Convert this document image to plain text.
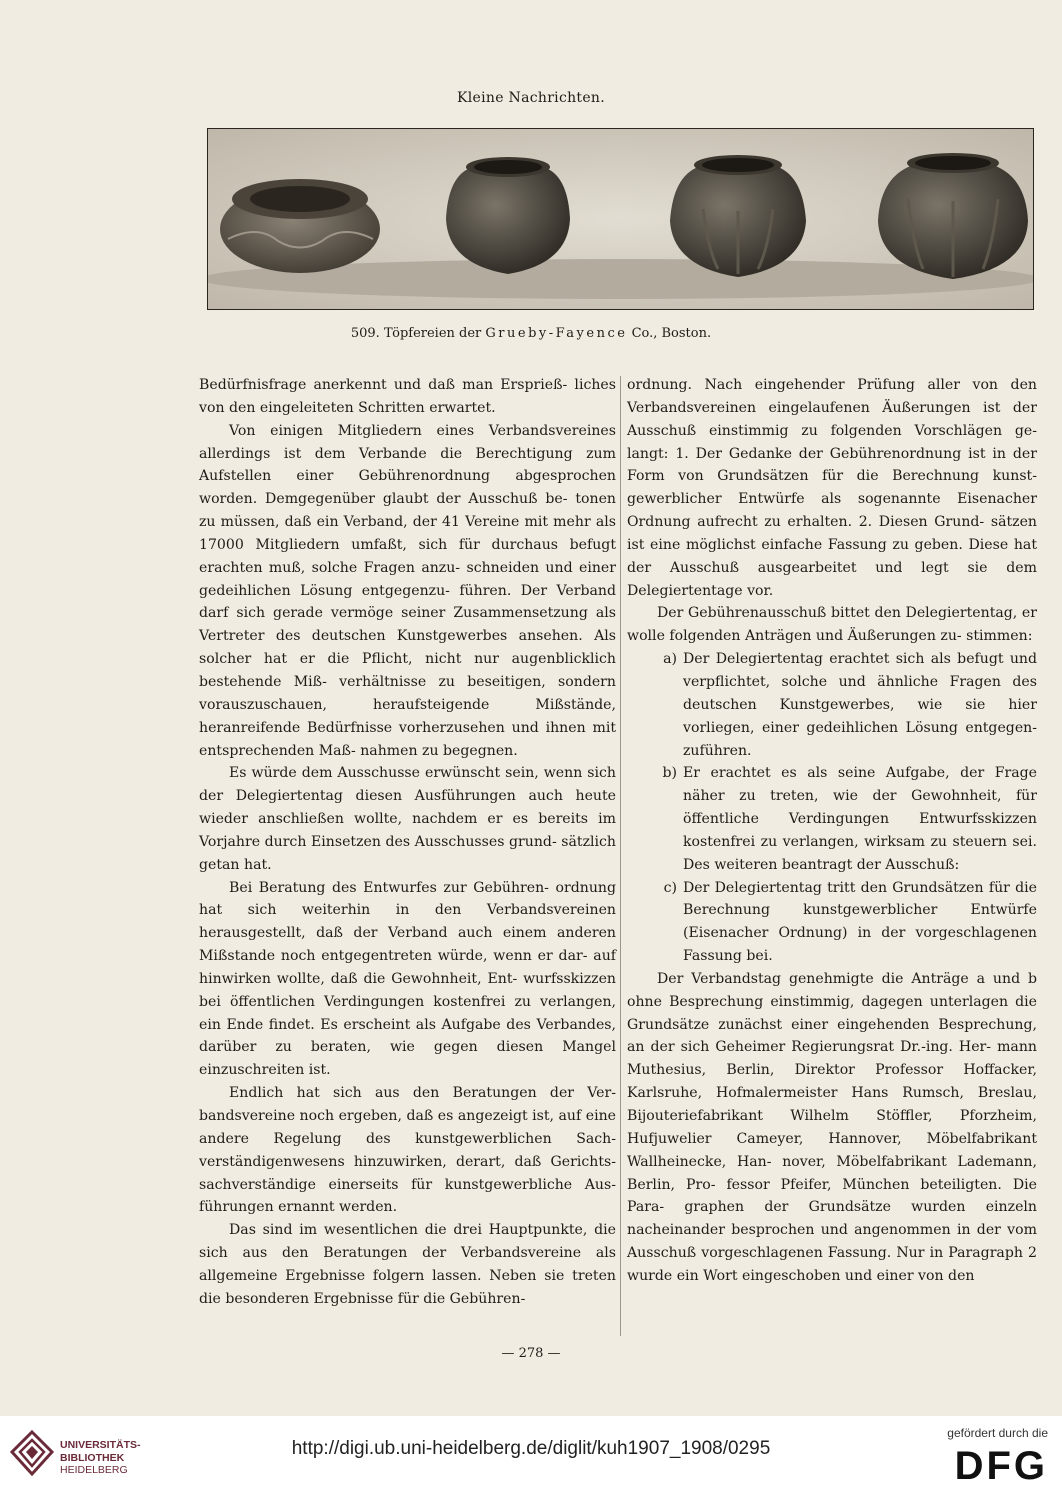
Kleine Nachrichten.
509. Töpfereien der Grueby-Fayence Co., Boston.

Bedürfnisfrage anerkennt und daß man Ersprieß- liches von den eingeleiteten Schritten erwartet.

Von einigen Mitgliedern eines Verbandsvereines allerdings ist dem Verbande die Berechtigung zum Aufstellen einer Gebührenordnung abgesprochen worden. Demgegenüber glaubt der Ausschuß be- tonen zu müssen, daß ein Verband, der 41 Vereine mit mehr als 17000 Mitgliedern umfaßt, sich für durchaus befugt erachten muß, solche Fragen anzu- schneiden und einer gedeihlichen Lösung entgegenzu- führen. Der Verband darf sich gerade vermöge seiner Zusammensetzung als Vertreter des deutschen Kunstgewerbes ansehen. Als solcher hat er die Pflicht, nicht nur augenblicklich bestehende Miß- verhältnisse zu beseitigen, sondern vorauszuschauen, heraufsteigende Mißstände, heranreifende Bedürfnisse vorherzusehen und ihnen mit entsprechenden Maß- nahmen zu begegnen.

Es würde dem Ausschusse erwünscht sein, wenn sich der Delegiertentag diesen Ausführungen auch heute wieder anschließen wollte, nachdem er es bereits im Vorjahre durch Einsetzen des Ausschusses grund- sätzlich getan hat.

Bei Beratung des Entwurfes zur Gebühren- ordnung hat sich weiterhin in den Verbandsvereinen herausgestellt, daß der Verband auch einem anderen Mißstande noch entgegentreten würde, wenn er dar- auf hinwirken wollte, daß die Gewohnheit, Ent- wurfsskizzen bei öffentlichen Verdingungen kostenfrei zu verlangen, ein Ende findet. Es erscheint als Aufgabe des Verbandes, darüber zu beraten, wie gegen diesen Mangel einzuschreiten ist.

Endlich hat sich aus den Beratungen der Ver- bandsvereine noch ergeben, daß es angezeigt ist, auf eine andere Regelung des kunstgewerblichen Sach- verständigenwesens hinzuwirken, derart, daß Gerichts- sachverständige einerseits für kunstgewerbliche Aus- führungen ernannt werden.

Das sind im wesentlichen die drei Hauptpunkte, die sich aus den Beratungen der Verbandsvereine als allgemeine Ergebnisse folgern lassen. Neben sie treten die besonderen Ergebnisse für die Gebühren-

ordnung. Nach eingehender Prüfung aller von den Verbandsvereinen eingelaufenen Äußerungen ist der Ausschuß einstimmig zu folgenden Vorschlägen ge- langt: 1. Der Gedanke der Gebührenordnung ist in der Form von Grundsätzen für die Berechnung kunst- gewerblicher Entwürfe als sogenannte Eisenacher Ordnung aufrecht zu erhalten. 2. Diesen Grund- sätzen ist eine möglichst einfache Fassung zu geben. Diese hat der Ausschuß ausgearbeitet und legt sie dem Delegiertentage vor.

Der Gebührenausschuß bittet den Delegiertentag, er wolle folgenden Anträgen und Äußerungen zu- stimmen:

a) Der Delegiertentag erachtet sich als befugt und verpflichtet, solche und ähnliche Fragen des deutschen Kunstgewerbes, wie sie hier vorliegen, einer gedeihlichen Lösung entgegen- zuführen.
b) Er erachtet es als seine Aufgabe, der Frage näher zu treten, wie der Gewohnheit, für öffentliche Verdingungen Entwurfsskizzen kostenfrei zu verlangen, wirksam zu steuern sei. Des weiteren beantragt der Ausschuß:
c) Der Delegiertentag tritt den Grundsätzen für die Berechnung kunstgewerblicher Entwürfe (Eisenacher Ordnung) in der vorgeschlagenen Fassung bei.

Der Verbandstag genehmigte die Anträge a und b ohne Besprechung einstimmig, dagegen unterlagen die Grundsätze zunächst einer eingehenden Besprechung, an der sich Geheimer Regierungsrat Dr.-ing. Her- mann Muthesius, Berlin, Direktor Professor Hoffacker, Karlsruhe, Hofmalermeister Hans Rumsch, Breslau, Bijouteriefabrikant Wilhelm Stöffler, Pforzheim, Hufjuwelier Cameyer, Hannover, Möbelfabrikant Wallheinecke, Han- nover, Möbelfabrikant Lademann, Berlin, Pro- fessor Pfeifer, München beteiligten. Die Para- graphen der Grundsätze wurden einzeln nacheinander besprochen und angenommen in der vom Ausschuß vorgeschlagenen Fassung. Nur in Paragraph 2 wurde ein Wort eingeschoben und einer von den

— 278 —
UNIVERSITÄTS-
BIBLIOTHEK
HEIDELBERG
http://digi.ub.uni-heidelberg.de/diglit/kuh1907_1908/0295
gefördert durch die
DFG
